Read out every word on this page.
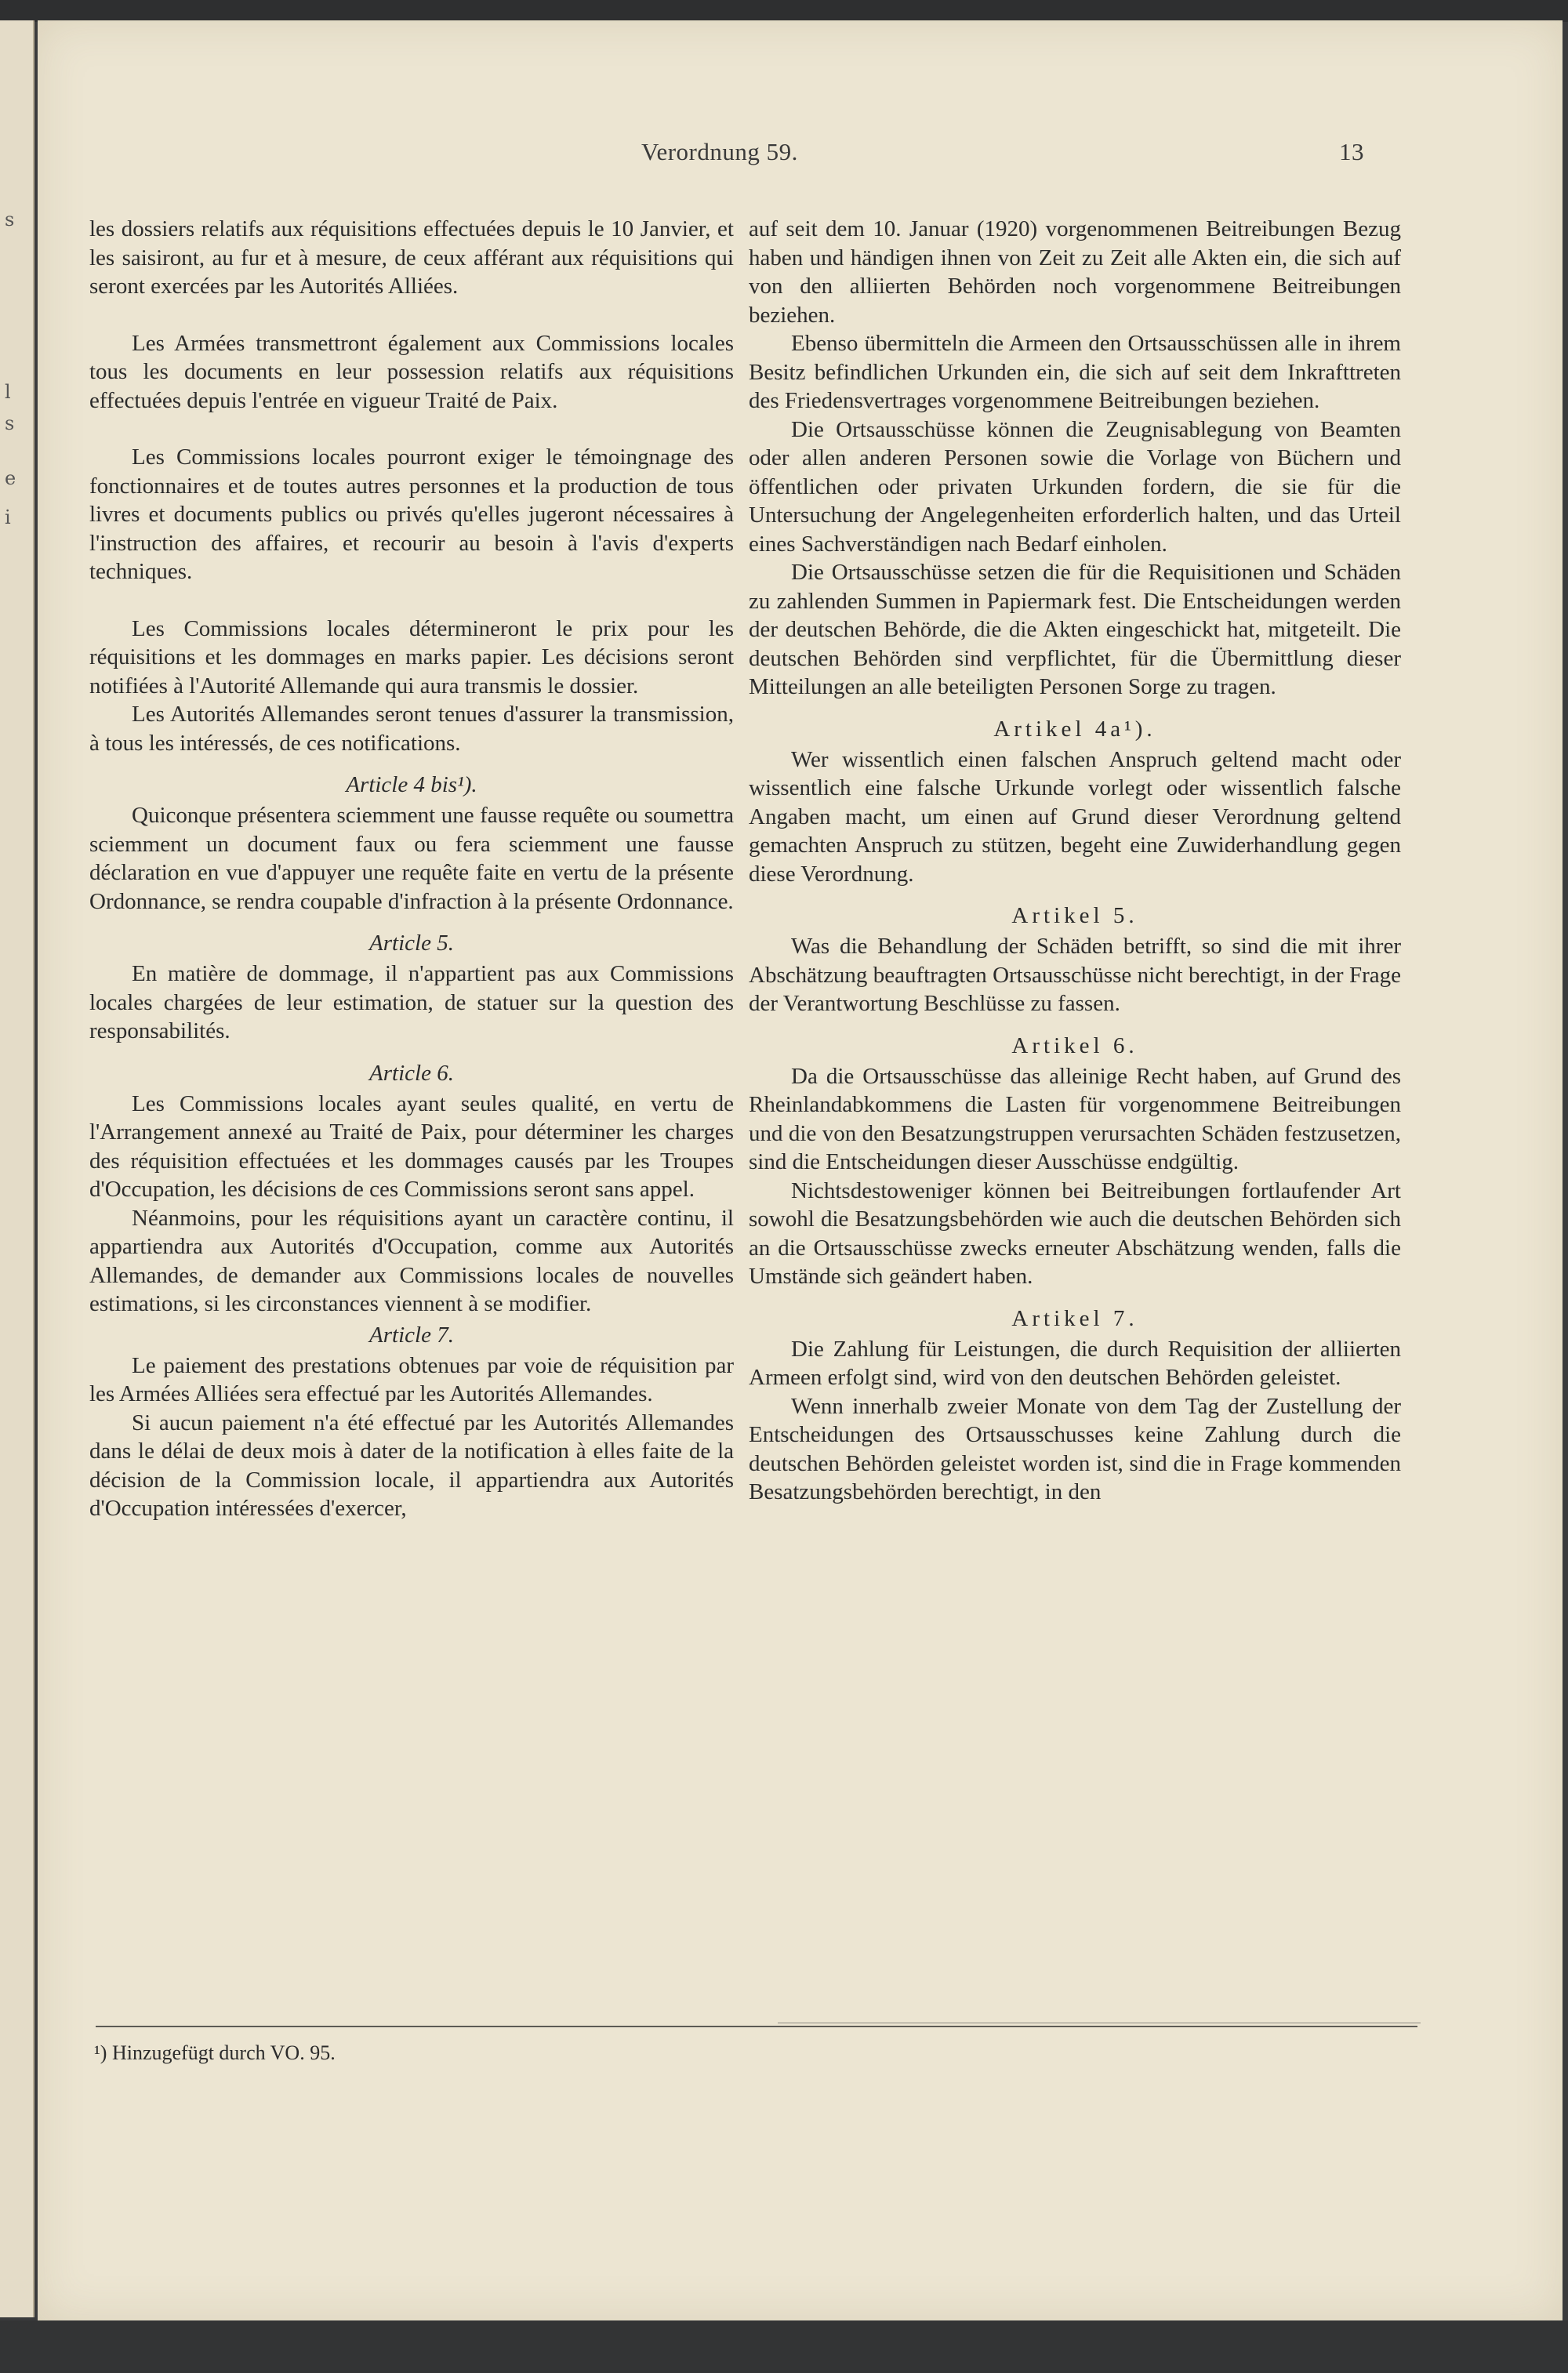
s
l
s
e
i
Verordnung 59.	13

les dossiers relatifs aux réquisitions effectuées depuis le 10 Janvier, et les saisiront, au fur et à mesure, de ceux afférant aux réquisitions qui seront exercées par les Autorités Alliées.

Les Armées transmettront également aux Commissions locales tous les documents en leur possession relatifs aux réquisitions effectuées depuis l'entrée en vigueur Traité de Paix.

Les Commissions locales pourront exiger le témoingnage des fonctionnaires et de toutes autres personnes et la production de tous livres et documents publics ou privés qu'elles jugeront nécessaires à l'instruction des affaires, et recourir au besoin à l'avis d'experts techniques.

Les Commissions locales détermineront le prix pour les réquisitions et les dommages en marks papier. Les décisions seront notifiées à l'Autorité Allemande qui aura transmis le dossier.

Les Autorités Allemandes seront tenues d'assurer la transmission, à tous les intéressés, de ces notifications.

Article 4 bis¹).

Quiconque présentera sciemment une fausse requête ou soumettra sciemment un document faux ou fera sciemment une fausse déclaration en vue d'appuyer une requête faite en vertu de la présente Ordonnance, se rendra coupable d'infraction à la présente Ordonnance.

Article 5.

En matière de dommage, il n'appartient pas aux Commissions locales chargées de leur estimation, de statuer sur la question des responsabilités.

Article 6.

Les Commissions locales ayant seules qualité, en vertu de l'Arrangement annexé au Traité de Paix, pour déterminer les charges des réquisition effectuées et les dommages causés par les Troupes d'Occupation, les décisions de ces Commissions seront sans appel.

Néanmoins, pour les réquisitions ayant un caractère continu, il appartiendra aux Autorités d'Occupation, comme aux Autorités Allemandes, de demander aux Commissions locales de nouvelles estimations, si les circonstances viennent à se modifier.

Article 7.

Le paiement des prestations obtenues par voie de réquisition par les Armées Alliées sera effectué par les Autorités Allemandes.

Si aucun paiement n'a été effectué par les Autorités Allemandes dans le délai de deux mois à dater de la notification à elles faite de la décision de la Commission locale, il appartiendra aux Autorités d'Occupation intéressées d'exercer,

auf seit dem 10. Januar (1920) vorgenommenen Beitreibungen Bezug haben und händigen ihnen von Zeit zu Zeit alle Akten ein, die sich auf von den alliierten Behörden noch vorgenommene Beitreibungen beziehen.

Ebenso übermitteln die Armeen den Ortsausschüssen alle in ihrem Besitz befindlichen Urkunden ein, die sich auf seit dem Inkrafttreten des Friedensvertrages vorgenommene Beitreibungen beziehen.

Die Ortsausschüsse können die Zeugnisablegung von Beamten oder allen anderen Personen sowie die Vorlage von Büchern und öffentlichen oder privaten Urkunden fordern, die sie für die Untersuchung der Angelegenheiten erforderlich halten, und das Urteil eines Sachverständigen nach Bedarf einholen.

Die Ortsausschüsse setzen die für die Requisitionen und Schäden zu zahlenden Summen in Papiermark fest. Die Entscheidungen werden der deutschen Behörde, die die Akten eingeschickt hat, mitgeteilt. Die deutschen Behörden sind verpflichtet, für die Übermittlung dieser Mitteilungen an alle beteiligten Personen Sorge zu tragen.

Artikel 4a¹).

Wer wissentlich einen falschen Anspruch geltend macht oder wissentlich eine falsche Urkunde vorlegt oder wissentlich falsche Angaben macht, um einen auf Grund dieser Verordnung geltend gemachten Anspruch zu stützen, begeht eine Zuwiderhandlung gegen diese Verordnung.

Artikel 5.

Was die Behandlung der Schäden betrifft, so sind die mit ihrer Abschätzung beauftragten Ortsausschüsse nicht berechtigt, in der Frage der Verantwortung Beschlüsse zu fassen.

Artikel 6.

Da die Ortsausschüsse das alleinige Recht haben, auf Grund des Rheinlandabkommens die Lasten für vorgenommene Beitreibungen und die von den Besatzungstruppen verursachten Schäden festzusetzen, sind die Entscheidungen dieser Ausschüsse endgültig.

Nichtsdestoweniger können bei Beitreibungen fortlaufender Art sowohl die Besatzungsbehörden wie auch die deutschen Behörden sich an die Ortsausschüsse zwecks erneuter Abschätzung wenden, falls die Umstände sich geändert haben.

Artikel 7.

Die Zahlung für Leistungen, die durch Requisition der alliierten Armeen erfolgt sind, wird von den deutschen Behörden geleistet.

Wenn innerhalb zweier Monate von dem Tag der Zustellung der Entscheidungen des Ortsausschusses keine Zahlung durch die deutschen Behörden geleistet worden ist, sind die in Frage kommenden Besatzungsbehörden berechtigt, in den

¹) Hinzugefügt durch VO. 95.
